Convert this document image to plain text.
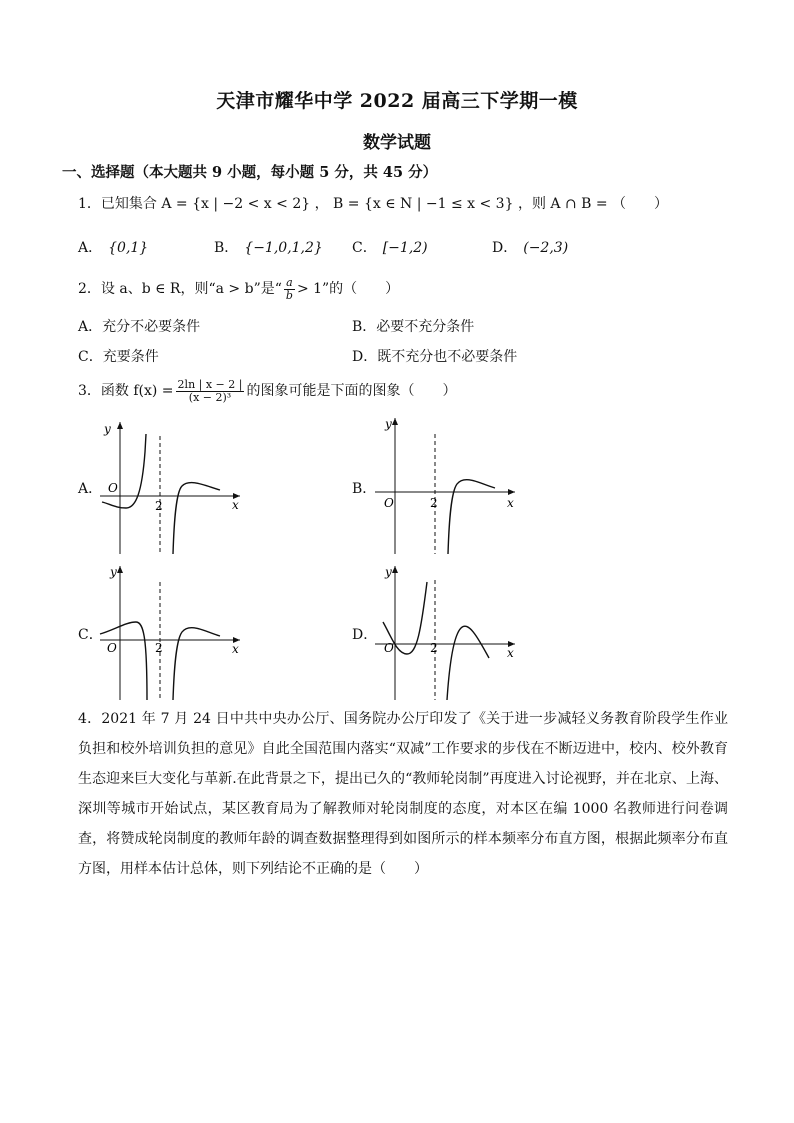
天津市耀华中学 2022 届高三下学期一模
数学试题
一、选择题（本大题共 9 小题，每小题 5 分，共 45 分）
1．已知集合 A = {x | −2 < x < 2} ， B = {x ∈ N | −1 ≤ x < 3} ，则 A ∩ B = （　　）
A． {0,1}	B． {−1,0,1,2} C． [−1,2)	D． (−2,3)
2．设 a、b ∈ R，则“a > b”是“ $\frac{a}{b} > 1$”的（　　）
A．充分不必要条件	B．必要不充分条件
C．充要条件	D．既不充分也不必要条件
3．函数 $f(x) = \frac{2\ln | x - 2 |}{\text{(x − 2)³}}$ 的图象可能是下面的图象（　　）
A．
y
O
2	x
B．
y
O	2	x
C．
y
O	2	x
D．
y
O	2	x
4．2021 年 7 月 24 日中共中央办公厅、国务院办公厅印发了《关于进一步减轻义务教育阶段学生作业负担和校外培训负担的意见》自此全国范围内落实“双减”工作要求的步伐在不断迈进中，校内、校外教育生态迎来巨大变化与革新.在此背景之下，提出已久的“教师轮岗制”再度进入讨论视野，并在北京、上海、深圳等城市开始试点，某区教育局为了解教师对轮岗制度的态度，对本区在编 1000 名教师进行问卷调查，将赞成轮岗制度的教师年龄的调查数据整理得到如图所示的样本频率分布直方图，根据此频率分布直方图，用样本估计总体，则下列结论不正确的是（　　）
